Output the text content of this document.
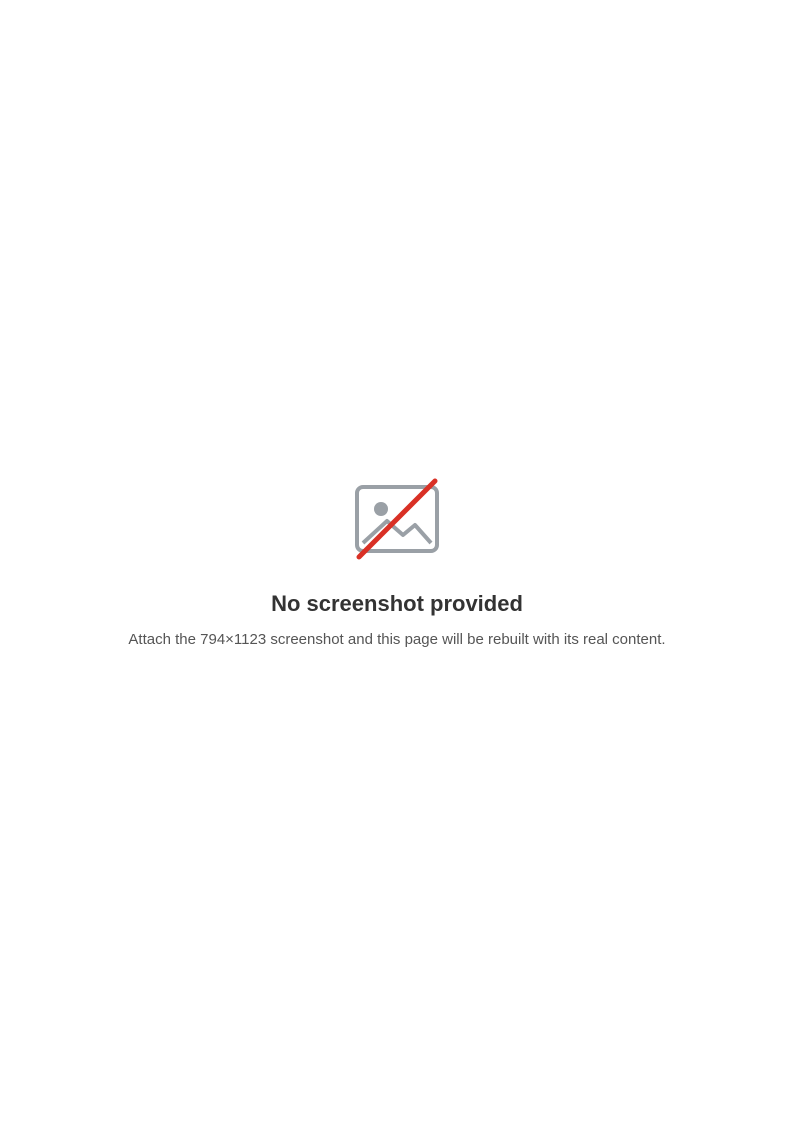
No screenshot provided

Attach the 794×1123 screenshot and this page will be rebuilt with its real content.
